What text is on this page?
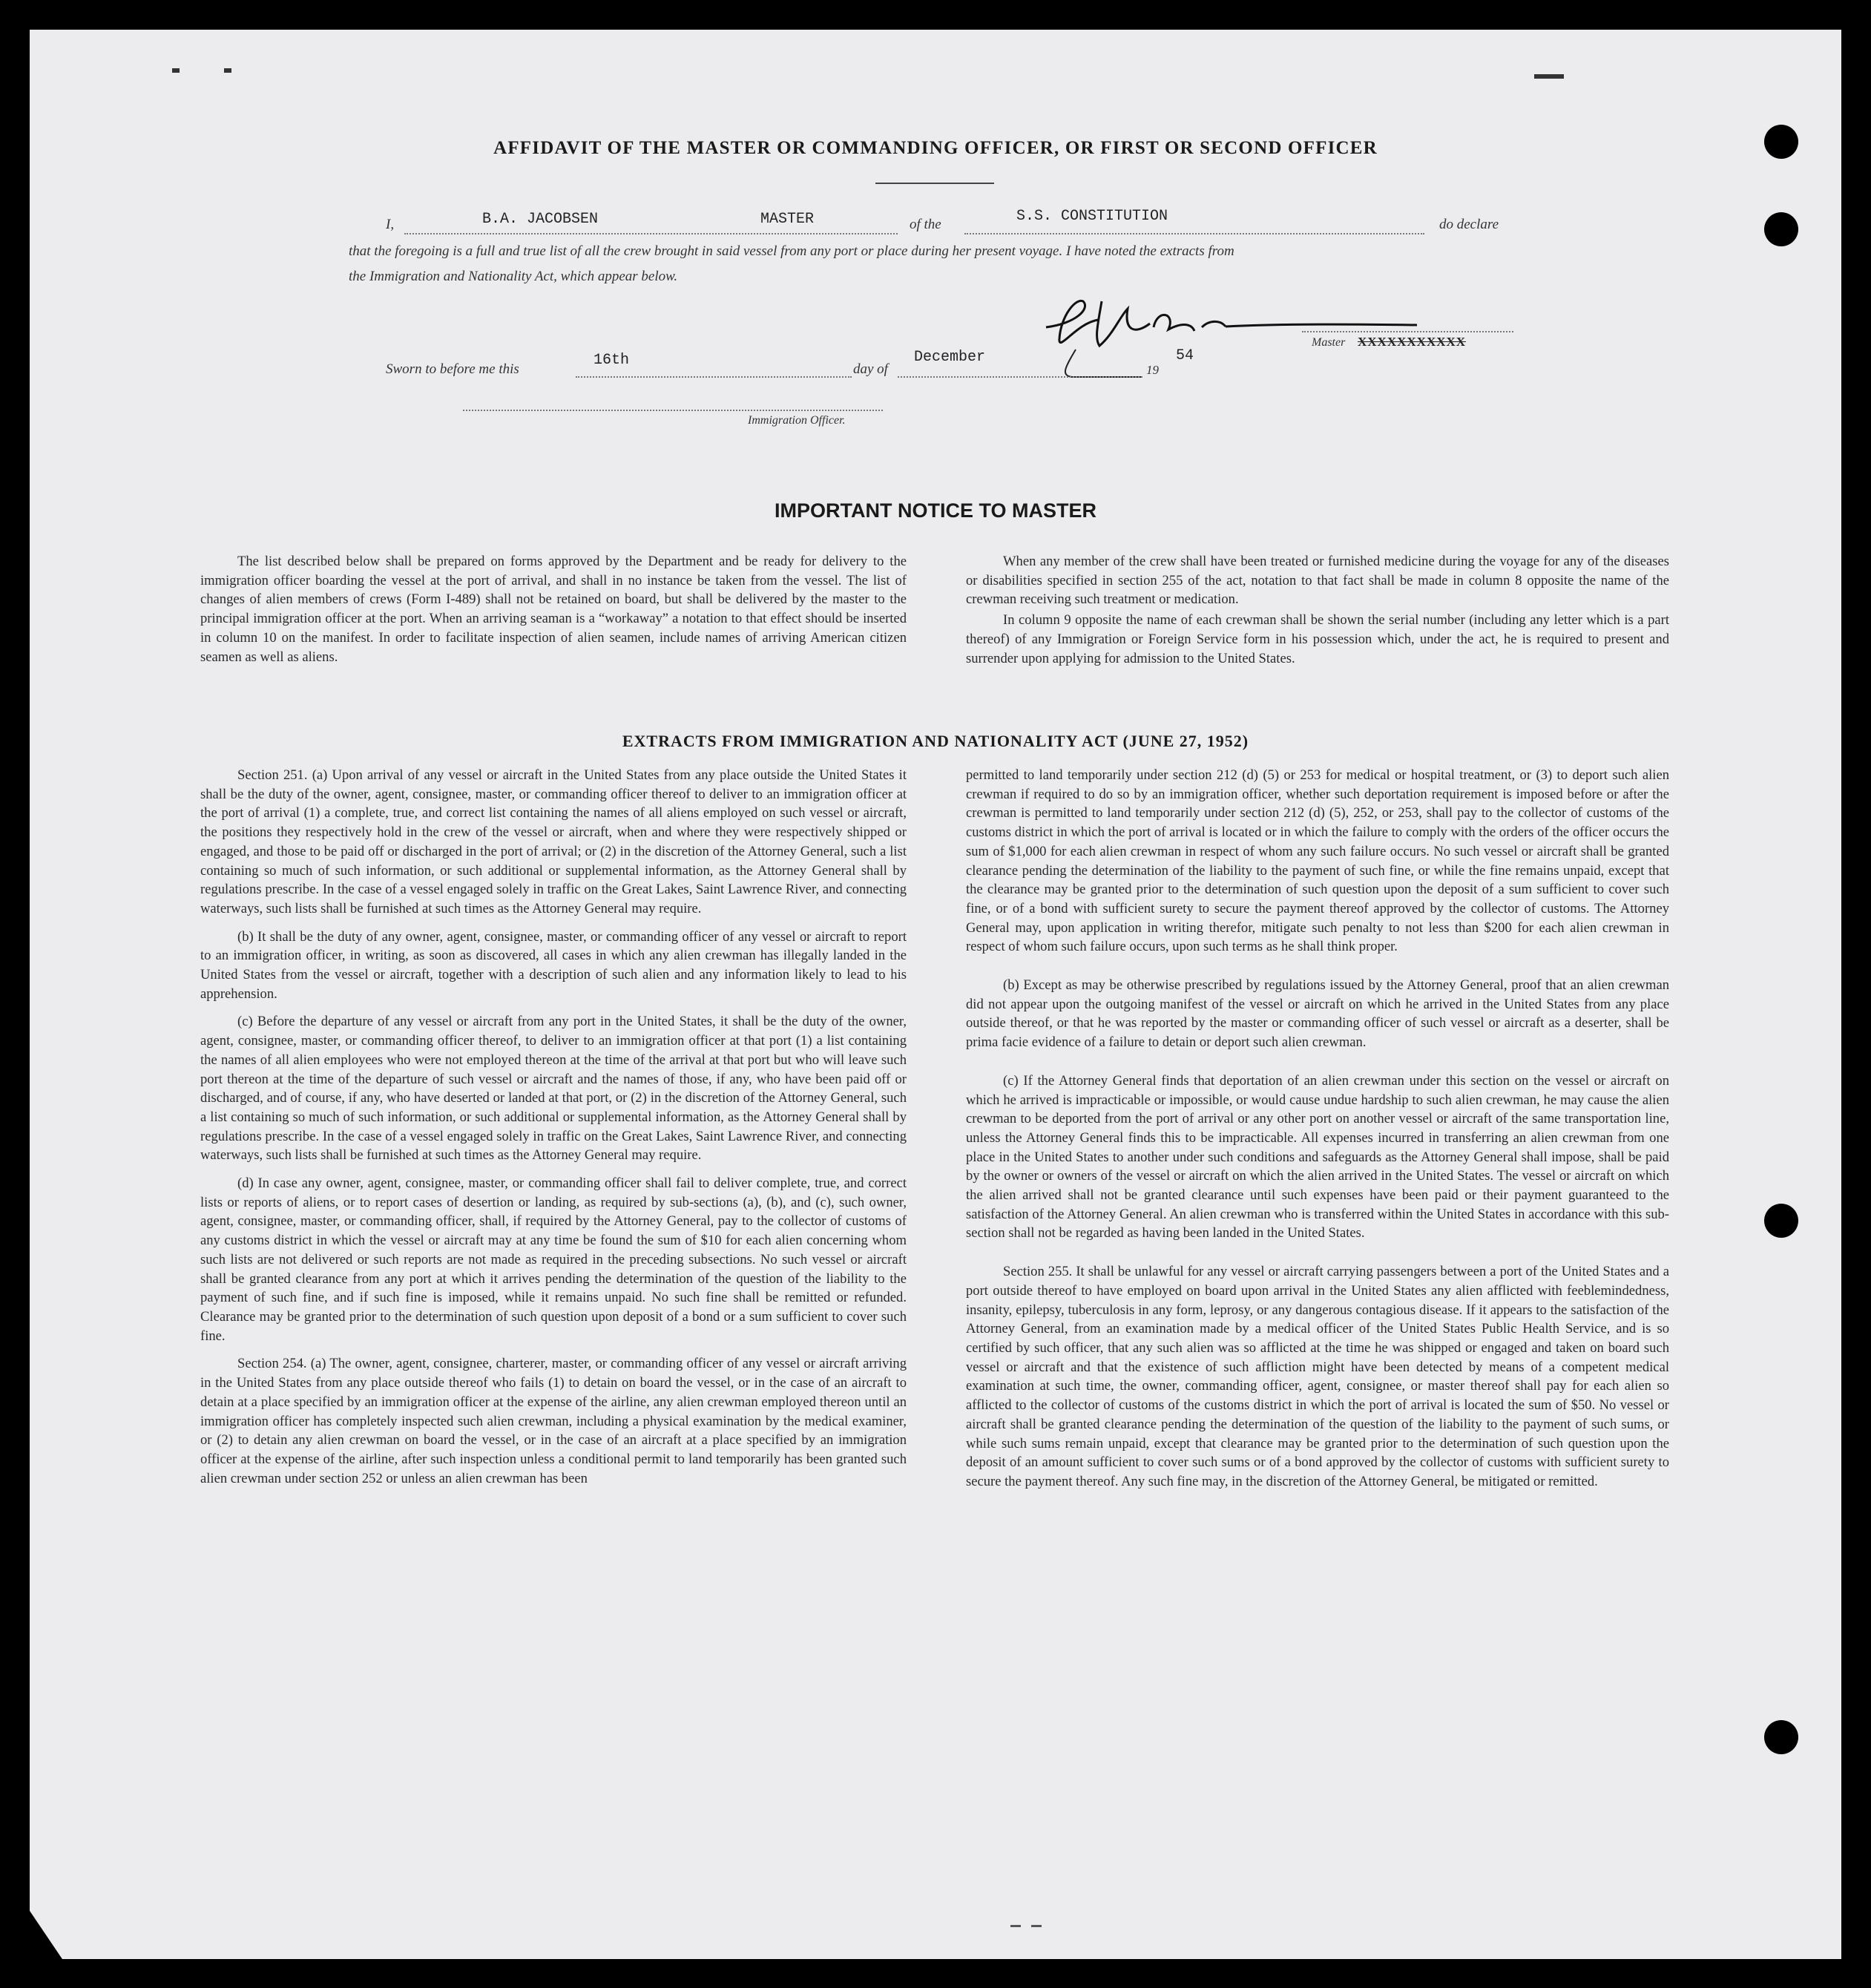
AFFIDAVIT OF THE MASTER OR COMMANDING OFFICER, OR FIRST OR SECOND OFFICER
I,	B.A. JACOBSEN	MASTER	of the	S.S. CONSTITUTION	do declare
that the foregoing is a full and true list of all the crew brought in said vessel from any port or place during her present voyage. I have noted the extracts from
the Immigration and Nationality Act, which appear below.
Master XXXXXXXXXXX
Sworn to before me this
16th
day of
December
19
54
Immigration Officer.
IMPORTANT NOTICE TO MASTER

The list described below shall be prepared on forms approved by the Department and be ready for delivery to the immigration officer boarding the vessel at the port of arrival, and shall in no instance be taken from the vessel. The list of changes of alien members of crews (Form I-489) shall not be retained on board, but shall be delivered by the master to the principal immigration officer at the port. When an arriving seaman is a “workaway” a notation to that effect should be inserted in column 10 on the manifest. In order to facilitate inspection of alien seamen, include names of arriving American citizen seamen as well as aliens.

When any member of the crew shall have been treated or furnished medicine during the voyage for any of the diseases or disabilities specified in section 255 of the act, notation to that fact shall be made in column 8 opposite the name of the crewman receiving such treatment or medication.

In column 9 opposite the name of each crewman shall be shown the serial number (including any letter which is a part thereof) of any Immigration or Foreign Service form in his possession which, under the act, he is required to present and surrender upon applying for admission to the United States.

EXTRACTS FROM IMMIGRATION AND NATIONALITY ACT (JUNE 27, 1952)

Section 251. (a) Upon arrival of any vessel or aircraft in the United States from any place outside the United States it shall be the duty of the owner, agent, consignee, master, or commanding officer thereof to deliver to an immigration officer at the port of arrival (1) a complete, true, and correct list containing the names of all aliens employed on such vessel or aircraft, the positions they respectively hold in the crew of the vessel or aircraft, when and where they were respectively shipped or engaged, and those to be paid off or discharged in the port of arrival; or (2) in the discretion of the Attorney General, such a list containing so much of such information, or such additional or supplemental information, as the Attorney General shall by regulations prescribe. In the case of a vessel engaged solely in traffic on the Great Lakes, Saint Lawrence River, and connecting waterways, such lists shall be furnished at such times as the Attorney General may require.

(b) It shall be the duty of any owner, agent, consignee, master, or commanding officer of any vessel or aircraft to report to an immigration officer, in writing, as soon as discovered, all cases in which any alien crewman has illegally landed in the United States from the vessel or aircraft, together with a description of such alien and any information likely to lead to his apprehension.

(c) Before the departure of any vessel or aircraft from any port in the United States, it shall be the duty of the owner, agent, consignee, master, or commanding officer thereof, to deliver to an immigration officer at that port (1) a list containing the names of all alien employees who were not employed thereon at the time of the arrival at that port but who will leave such port thereon at the time of the departure of such vessel or aircraft and the names of those, if any, who have been paid off or discharged, and of course, if any, who have deserted or landed at that port, or (2) in the discretion of the Attorney General, such a list containing so much of such information, or such additional or supplemental information, as the Attorney General shall by regulations prescribe. In the case of a vessel engaged solely in traffic on the Great Lakes, Saint Lawrence River, and connecting waterways, such lists shall be furnished at such times as the Attorney General may require.

(d) In case any owner, agent, consignee, master, or commanding officer shall fail to deliver complete, true, and correct lists or reports of aliens, or to report cases of desertion or landing, as required by sub-sections (a), (b), and (c), such owner, agent, consignee, master, or commanding officer, shall, if required by the Attorney General, pay to the collector of customs of any customs district in which the vessel or aircraft may at any time be found the sum of $10 for each alien concerning whom such lists are not delivered or such reports are not made as required in the preceding subsections. No such vessel or aircraft shall be granted clearance from any port at which it arrives pending the determination of the question of the liability to the payment of such fine, and if such fine is imposed, while it remains unpaid. No such fine shall be remitted or refunded. Clearance may be granted prior to the determination of such question upon deposit of a bond or a sum sufficient to cover such fine.

Section 254. (a) The owner, agent, consignee, charterer, master, or commanding officer of any vessel or aircraft arriving in the United States from any place outside thereof who fails (1) to detain on board the vessel, or in the case of an aircraft to detain at a place specified by an immigration officer at the expense of the airline, any alien crewman employed thereon until an immigration officer has completely inspected such alien crewman, including a physical examination by the medical examiner, or (2) to detain any alien crewman on board the vessel, or in the case of an aircraft at a place specified by an immigration officer at the expense of the airline, after such inspection unless a conditional permit to land temporarily has been granted such alien crewman under section 252 or unless an alien crewman has been

permitted to land temporarily under section 212 (d) (5) or 253 for medical or hospital treatment, or (3) to deport such alien crewman if required to do so by an immigration officer, whether such deportation requirement is imposed before or after the crewman is permitted to land temporarily under section 212 (d) (5), 252, or 253, shall pay to the collector of customs of the customs district in which the port of arrival is located or in which the failure to comply with the orders of the officer occurs the sum of $1,000 for each alien crewman in respect of whom any such failure occurs. No such vessel or aircraft shall be granted clearance pending the determination of the liability to the payment of such fine, or while the fine remains unpaid, except that the clearance may be granted prior to the determination of such question upon the deposit of a sum sufficient to cover such fine, or of a bond with sufficient surety to secure the payment thereof approved by the collector of customs. The Attorney General may, upon application in writing therefor, mitigate such penalty to not less than $200 for each alien crewman in respect of whom such failure occurs, upon such terms as he shall think proper.

(b) Except as may be otherwise prescribed by regulations issued by the Attorney General, proof that an alien crewman did not appear upon the outgoing manifest of the vessel or aircraft on which he arrived in the United States from any place outside thereof, or that he was reported by the master or commanding officer of such vessel or aircraft as a deserter, shall be prima facie evidence of a failure to detain or deport such alien crewman.

(c) If the Attorney General finds that deportation of an alien crewman under this section on the vessel or aircraft on which he arrived is impracticable or impossible, or would cause undue hardship to such alien crewman, he may cause the alien crewman to be deported from the port of arrival or any other port on another vessel or aircraft of the same transportation line, unless the Attorney General finds this to be impracticable. All expenses incurred in transferring an alien crewman from one place in the United States to another under such conditions and safeguards as the Attorney General shall impose, shall be paid by the owner or owners of the vessel or aircraft on which the alien arrived in the United States. The vessel or aircraft on which the alien arrived shall not be granted clearance until such expenses have been paid or their payment guaranteed to the satisfaction of the Attorney General. An alien crewman who is transferred within the United States in accordance with this sub-section shall not be regarded as having been landed in the United States.

Section 255. It shall be unlawful for any vessel or aircraft carrying passengers between a port of the United States and a port outside thereof to have employed on board upon arrival in the United States any alien afflicted with feeblemindedness, insanity, epilepsy, tuberculosis in any form, leprosy, or any dangerous contagious disease. If it appears to the satisfaction of the Attorney General, from an examination made by a medical officer of the United States Public Health Service, and is so certified by such officer, that any such alien was so afflicted at the time he was shipped or engaged and taken on board such vessel or aircraft and that the existence of such affliction might have been detected by means of a competent medical examination at such time, the owner, commanding officer, agent, consignee, or master thereof shall pay for each alien so afflicted to the collector of customs of the customs district in which the port of arrival is located the sum of $50. No vessel or aircraft shall be granted clearance pending the determination of the question of the liability to the payment of such sums, or while such sums remain unpaid, except that clearance may be granted prior to the determination of such question upon the deposit of an amount sufficient to cover such sums or of a bond approved by the collector of customs with sufficient surety to secure the payment thereof. Any such fine may, in the discretion of the Attorney General, be mitigated or remitted.
